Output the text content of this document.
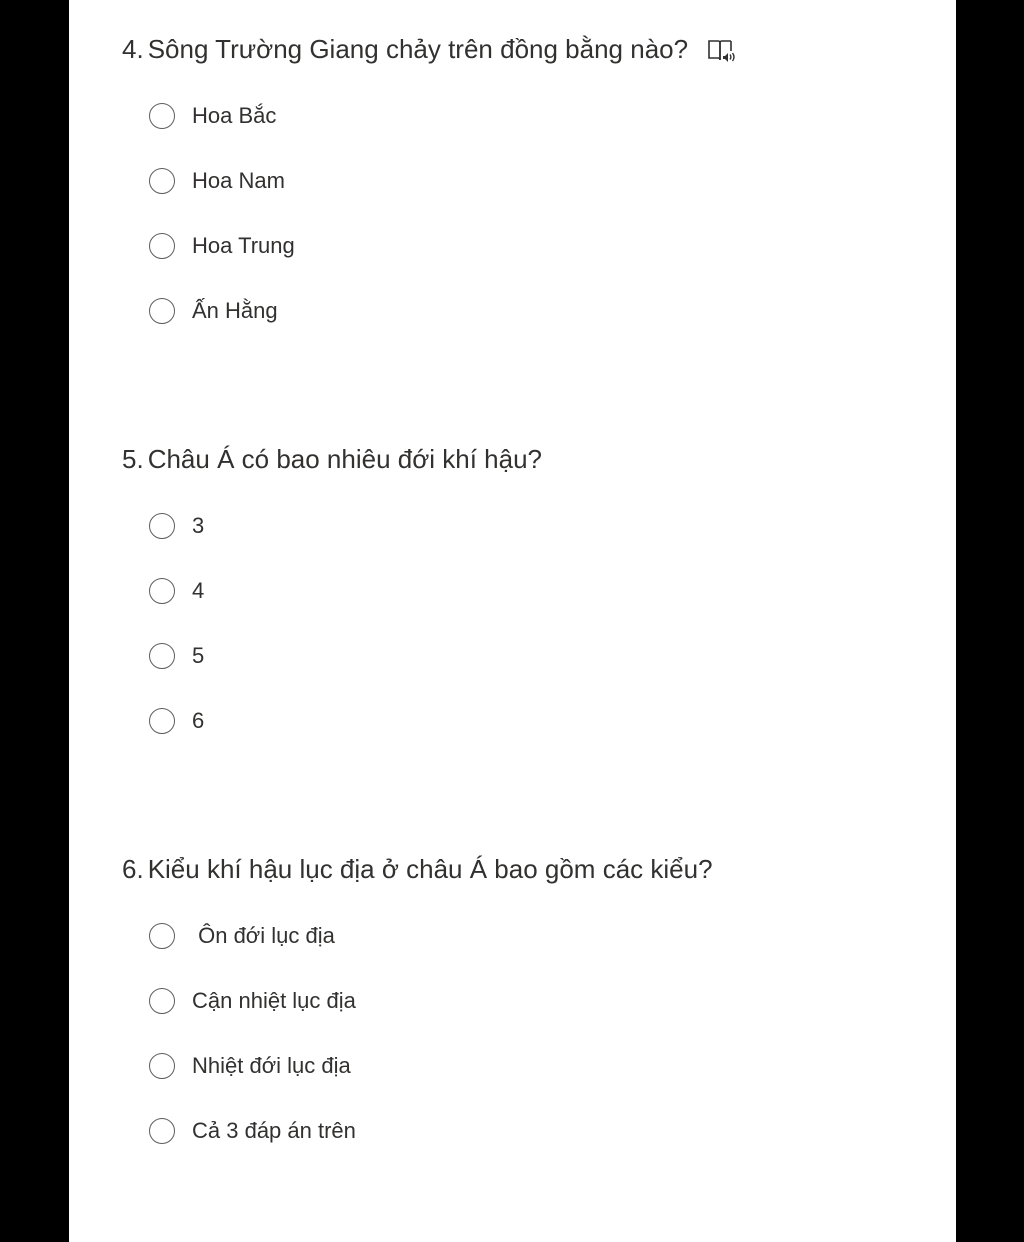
4. Sông Trường Giang chảy trên đồng bằng nào?
Hoa Bắc
Hoa Nam
Hoa Trung
Ấn Hằng
5. Châu Á có bao nhiêu đới khí hậu?
3
4
5
6
6. Kiểu khí hậu lục địa ở châu Á bao gồm các kiểu?
Ôn đới lục địa
Cận nhiệt lục địa
Nhiệt đới lục địa
Cả 3 đáp án trên
